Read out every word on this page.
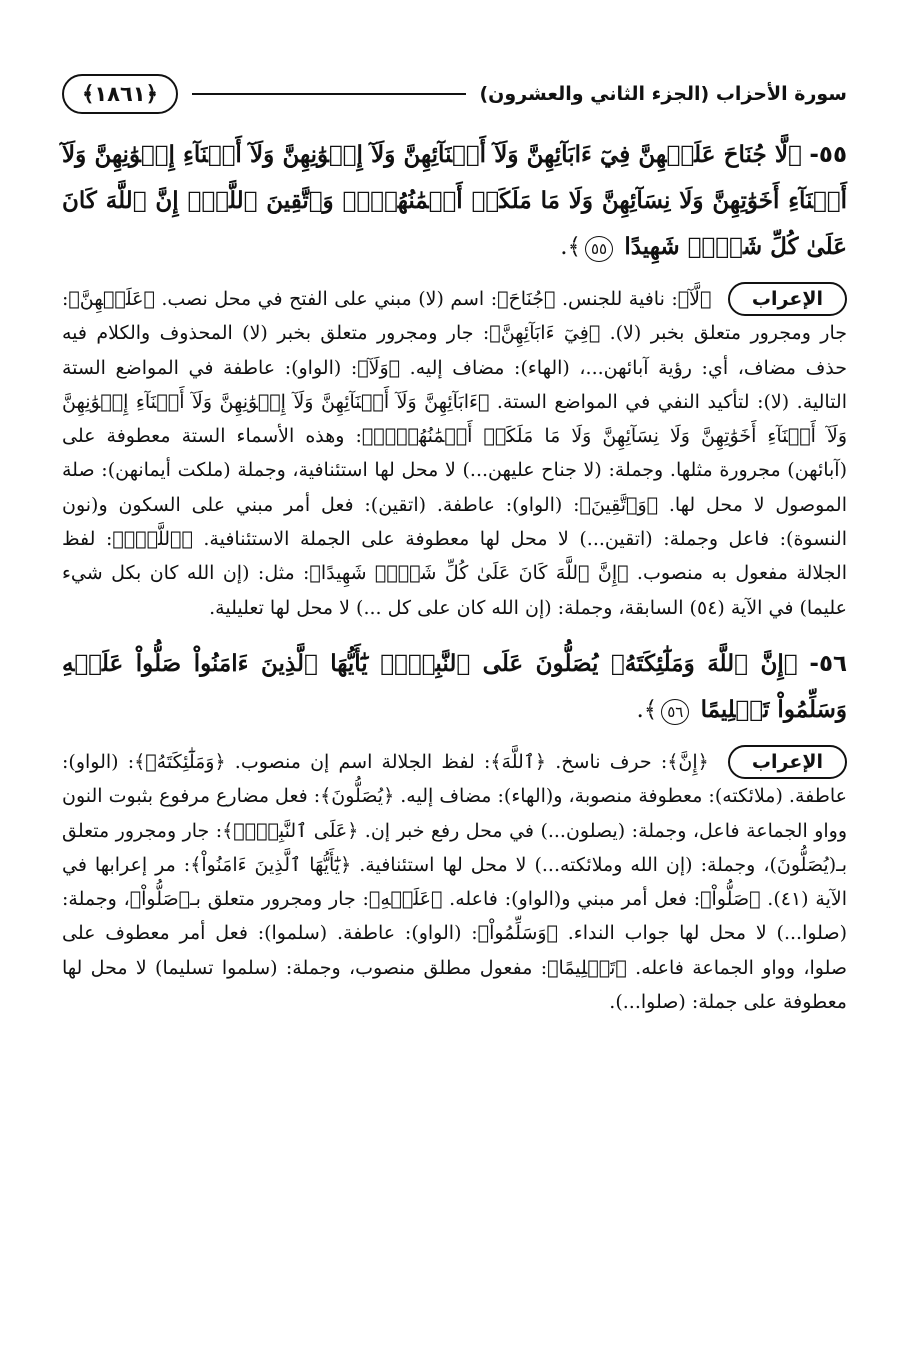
سورة الأحزاب (الجزء الثاني والعشرون)
﴿١٨٦١﴾

٥٥- ﴿لَّا جُنَاحَ عَلَيۡهِنَّ فِيٓ ءَابَآئِهِنَّ وَلَآ أَبۡنَآئِهِنَّ وَلَآ إِخۡوَٰنِهِنَّ وَلَآ أَبۡنَآءِ إِخۡوَٰنِهِنَّ وَلَآ أَبۡنَآءِ أَخَوَٰتِهِنَّ وَلَا نِسَآئِهِنَّ وَلَا مَا مَلَكَتۡ أَيۡمَٰنُهُنَّۗ وَٱتَّقِينَ ٱللَّهَۚ إِنَّ ٱللَّهَ كَانَ عَلَىٰ كُلِّ شَيۡءٖ شَهِيدًا ٥٥﴾.

الإعراب ﴿لَّآ﴾: نافية للجنس. ﴿جُنَاحَ﴾: اسم (لا) مبني على الفتح في محل نصب. ﴿عَلَيۡهِنَّ﴾: جار ومجرور متعلق بخبر (لا). ﴿فِيٓ ءَابَآئِهِنَّ﴾: جار ومجرور متعلق بخبر (لا) المحذوف والكلام فيه حذف مضاف، أي: رؤية آبائهن...، (الهاء): مضاف إليه. ﴿وَلَآ﴾: (الواو): عاطفة في المواضع الستة التالية. (لا): لتأكيد النفي في المواضع الستة. ﴿ءَابَآئِهِنَّ وَلَآ أَبۡنَآئِهِنَّ وَلَآ إِخۡوَٰنِهِنَّ وَلَآ أَبۡنَآءِ إِخۡوَٰنِهِنَّ وَلَآ أَبۡنَآءِ أَخَوَٰتِهِنَّ وَلَا نِسَآئِهِنَّ وَلَا مَا مَلَكَتۡ أَيۡمَٰنُهُنَّۗ﴾: وهذه الأسماء الستة معطوفة على (آبائهن) مجرورة مثلها. وجملة: (لا جناح عليهن...) لا محل لها استئنافية، وجملة (ملكت أيمانهن): صلة الموصول لا محل لها. ﴿وَٱتَّقِينَ﴾: (الواو): عاطفة. (اتقين): فعل أمر مبني على السكون و(نون النسوة): فاعل وجملة: (اتقين...) لا محل لها معطوفة على الجملة الاستئنافية. ﴿ٱللَّهَۚ﴾: لفظ الجلالة مفعول به منصوب. ﴿إِنَّ ٱللَّهَ كَانَ عَلَىٰ كُلِّ شَيۡءٖ شَهِيدًا﴾: مثل: (إن الله كان بكل شيء عليما) في الآية (٥٤) السابقة، وجملة: (إن الله كان على كل ...) لا محل لها تعليلية.

٥٦- ﴿إِنَّ ٱللَّهَ وَمَلَٰٓئِكَتَهُۥ يُصَلُّونَ عَلَى ٱلنَّبِيِّۚ يَٰٓأَيُّهَا ٱلَّذِينَ ءَامَنُواْ صَلُّواْ عَلَيۡهِ وَسَلِّمُواْ تَسۡلِيمًا ٥٦﴾.

الإعراب ﴿إِنَّ﴾: حرف ناسخ. ﴿ٱللَّهَ﴾: لفظ الجلالة اسم إن منصوب. ﴿وَمَلَٰٓئِكَتَهُۥ﴾: (الواو): عاطفة. (ملائكته): معطوفة منصوبة، و(الهاء): مضاف إليه. ﴿يُصَلُّونَ﴾: فعل مضارع مرفوع بثبوت النون وواو الجماعة فاعل، وجملة: (يصلون...) في محل رفع خبر إن. ﴿عَلَى ٱلنَّبِيِّۚ﴾: جار ومجرور متعلق بـ(يُصَلُّونَ)، وجملة: (إن الله وملائكته...) لا محل لها استئنافية. ﴿يَٰٓأَيُّهَا ٱلَّذِينَ ءَامَنُواْ﴾: مر إعرابها في الآية (٤١). ﴿صَلُّواْ﴾: فعل أمر مبني و(الواو): فاعله. ﴿عَلَيۡهِ﴾: جار ومجرور متعلق بـ﴿صَلُّواْ﴾، وجملة: (صلوا...) لا محل لها جواب النداء. ﴿وَسَلِّمُواْ﴾: (الواو): عاطفة. (سلموا): فعل أمر معطوف على صلوا، وواو الجماعة فاعله. ﴿تَسۡلِيمًا﴾: مفعول مطلق منصوب، وجملة: (سلموا تسليما) لا محل لها معطوفة على جملة: (صلوا...).
